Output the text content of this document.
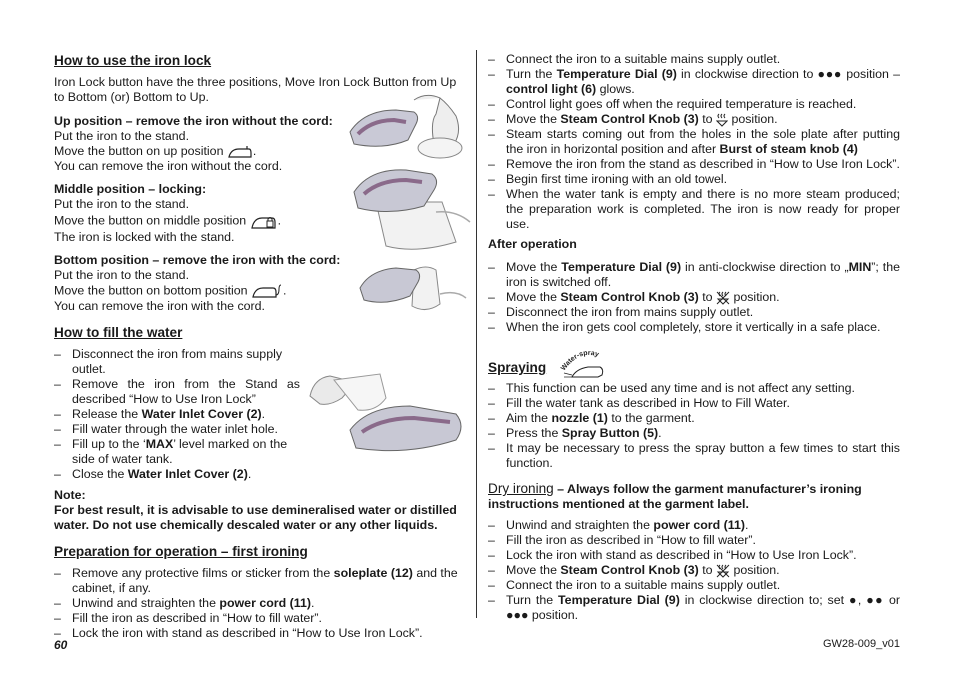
How to use the iron lock

Iron Lock button have the three positions, Move Iron Lock Button from Up to Bottom (or) Bottom to Up.

Up position – remove the iron without the cord:

Put the iron to the stand.

Move the button on up position .

You can remove the iron without the cord.

Middle position – locking:

Put the iron to the stand.

Move the button on middle position	.

The iron is locked with the stand.

Bottom position – remove the iron with the cord:

Put the iron to the stand.

Move the button on bottom position	.

You can remove the iron with the cord.

How to fill the water
– Disconnect the iron from mains supply outlet.
– Remove the iron from the Stand as described “How to Use Iron Lock”
– Release the Water Inlet Cover (2).
– Fill water through the water inlet hole.
– Fill up to the ‘MAX’ level marked on the side of water tank.
– Close the Water Inlet Cover (2).

Note:

For best result, it is advisable to use demineralised water or distilled water. Do not use chemically descaled water or any other liquids.

Preparation for operation – first ironing
– Remove any protective films or sticker from the soleplate (12) and the cabinet, if any.
– Unwind and straighten the power cord (11).
– Fill the iron as described in “How to fill water”.
– Lock the iron with stand as described in “How to Use Iron Lock”.
– Connect the iron to a suitable mains supply outlet.
– Turn the Temperature Dial (9) in clockwise direction to ●●● position – control light (6) glows.
– Control light goes off when the required temperature is reached.
– Move the Steam Control Knob (3) to  position.
– Steam starts coming out from the holes in the sole plate after putting the iron in horizontal position and after Burst of steam knob (4)
– Remove the iron from the stand as described in “How to Use Iron Lock”.
– Begin first time ironing with an old towel.
– When the water tank is empty and there is no more steam produced; the preparation work is completed. The iron is now ready for proper use.

After operation

– Move the Temperature Dial (9) in anti-clockwise direction to „MIN”; the iron is switched off.
– Move the Steam Control Knob (3) to  position.
– Disconnect the iron from mains supply outlet.
– When the iron gets cool completely, store it vertically in a safe place.
Spraying Water-spray
– This function can be used any time and is not affect any setting.
– Fill the water tank as described in How to Fill Water.
– Aim the nozzle (1) to the garment.
– Press the Spray Button (5).
– It may be necessary to press the spray button a few times to start this function.

Dry ironing – Always follow the garment manufacturer’s ironing instructions mentioned at the garment label.

– Unwind and straighten the power cord (11).
– Fill the iron as described in “How to fill water”.
– Lock the iron with stand as described in “How to Use Iron Lock”.
– Move the Steam Control Knob (3) to  position.
– Connect the iron to a suitable mains supply outlet.
– Turn the Temperature Dial (9) in clockwise direction to; set ●, ●● or ●●● position.
60	GW28-009_v01
